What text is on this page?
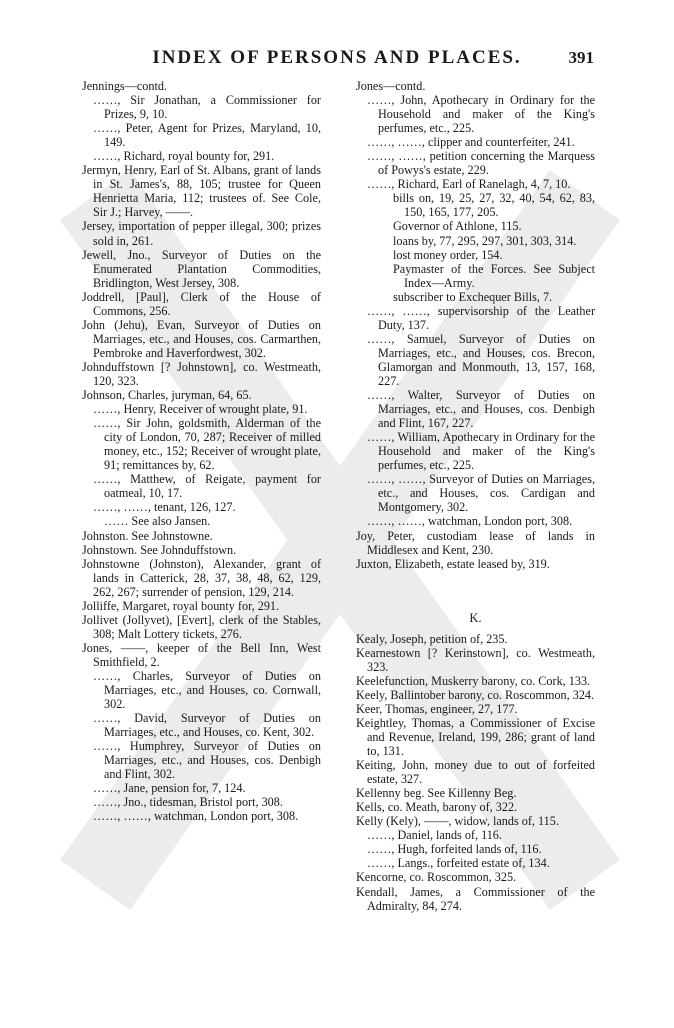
INDEX OF PERSONS AND PLACES.	391

Jennings—contd.

……, Sir Jonathan, a Commissioner for Prizes, 9, 10.

……, Peter, Agent for Prizes, Maryland, 10, 149.

……, Richard, royal bounty for, 291.

Jermyn, Henry, Earl of St. Albans, grant of lands in St. James's, 88, 105; trustee for Queen Henrietta Maria, 112; trustees of. See Cole, Sir J.; Harvey, ——.

Jersey, importation of pepper illegal, 300; prizes sold in, 261.

Jewell, Jno., Surveyor of Duties on the Enumerated Plantation Commodities, Bridlington, West Jersey, 308.

Joddrell, [Paul], Clerk of the House of Commons, 256.

John (Jehu), Evan, Surveyor of Duties on Marriages, etc., and Houses, cos. Carmarthen, Pembroke and Haverfordwest, 302.

Johnduffstown [? Johnstown], co. Westmeath, 120, 323.

Johnson, Charles, juryman, 64, 65.

……, Henry, Receiver of wrought plate, 91.

……, Sir John, goldsmith, Alderman of the city of London, 70, 287; Receiver of milled money, etc., 152; Receiver of wrought plate, 91; remittances by, 62.

……, Matthew, of Reigate, payment for oatmeal, 10, 17.

……, ……, tenant, 126, 127.

…… See also Jansen.

Johnston. See Johnstowne.

Johnstown. See Johnduffstown.

Johnstowne (Johnston), Alexander, grant of lands in Catterick, 28, 37, 38, 48, 62, 129, 262, 267; surrender of pension, 129, 214.

Jolliffe, Margaret, royal bounty for, 291.

Jollivet (Jollyvet), [Evert], clerk of the Stables, 308; Malt Lottery tickets, 276.

Jones, ——, keeper of the Bell Inn, West Smithfield, 2.

……, Charles, Surveyor of Duties on Marriages, etc., and Houses, co. Cornwall, 302.

……, David, Surveyor of Duties on Marriages, etc., and Houses, co. Kent, 302.

……, Humphrey, Surveyor of Duties on Marriages, etc., and Houses, cos. Denbigh and Flint, 302.

……, Jane, pension for, 7, 124.

……, Jno., tidesman, Bristol port, 308.

……, ……, watchman, London port, 308.

Jones—contd.

……, John, Apothecary in Ordinary for the Household and maker of the King's perfumes, etc., 225.

……, ……, clipper and counterfeiter, 241.

……, ……, petition concerning the Marquess of Powys's estate, 229.

……, Richard, Earl of Ranelagh, 4, 7, 10.

bills on, 19, 25, 27, 32, 40, 54, 62, 83, 150, 165, 177, 205.

Governor of Athlone, 115.

loans by, 77, 295, 297, 301, 303, 314.

lost money order, 154.

Paymaster of the Forces. See Subject Index—Army.

subscriber to Exchequer Bills, 7.

……, ……, supervisorship of the Leather Duty, 137.

……, Samuel, Surveyor of Duties on Marriages, etc., and Houses, cos. Brecon, Glamorgan and Monmouth, 13, 157, 168, 227.

……, Walter, Surveyor of Duties on Marriages, etc., and Houses, cos. Denbigh and Flint, 167, 227.

……, William, Apothecary in Ordinary for the Household and maker of the King's perfumes, etc., 225.

……, ……, Surveyor of Duties on Marriages, etc., and Houses, cos. Cardigan and Montgomery, 302.

……, ……, watchman, London port, 308.

Joy, Peter, custodiam lease of lands in Middlesex and Kent, 230.

Juxton, Elizabeth, estate leased by, 319.

K.

Kealy, Joseph, petition of, 235.

Kearnestown [? Kerinstown], co. Westmeath, 323.

Keelefunction, Muskerry barony, co. Cork, 133.

Keely, Ballintober barony, co. Roscommon, 324.

Keer, Thomas, engineer, 27, 177.

Keightley, Thomas, a Commissioner of Excise and Revenue, Ireland, 199, 286; grant of land to, 131.

Keiting, John, money due to out of forfeited estate, 327.

Kellenny beg. See Killenny Beg.

Kells, co. Meath, barony of, 322.

Kelly (Kely), ——, widow, lands of, 115.

……, Daniel, lands of, 116.

……, Hugh, forfeited lands of, 116.

……, Langs., forfeited estate of, 134.

Kencorne, co. Roscommon, 325.

Kendall, James, a Commissioner of the Admiralty, 84, 274.
